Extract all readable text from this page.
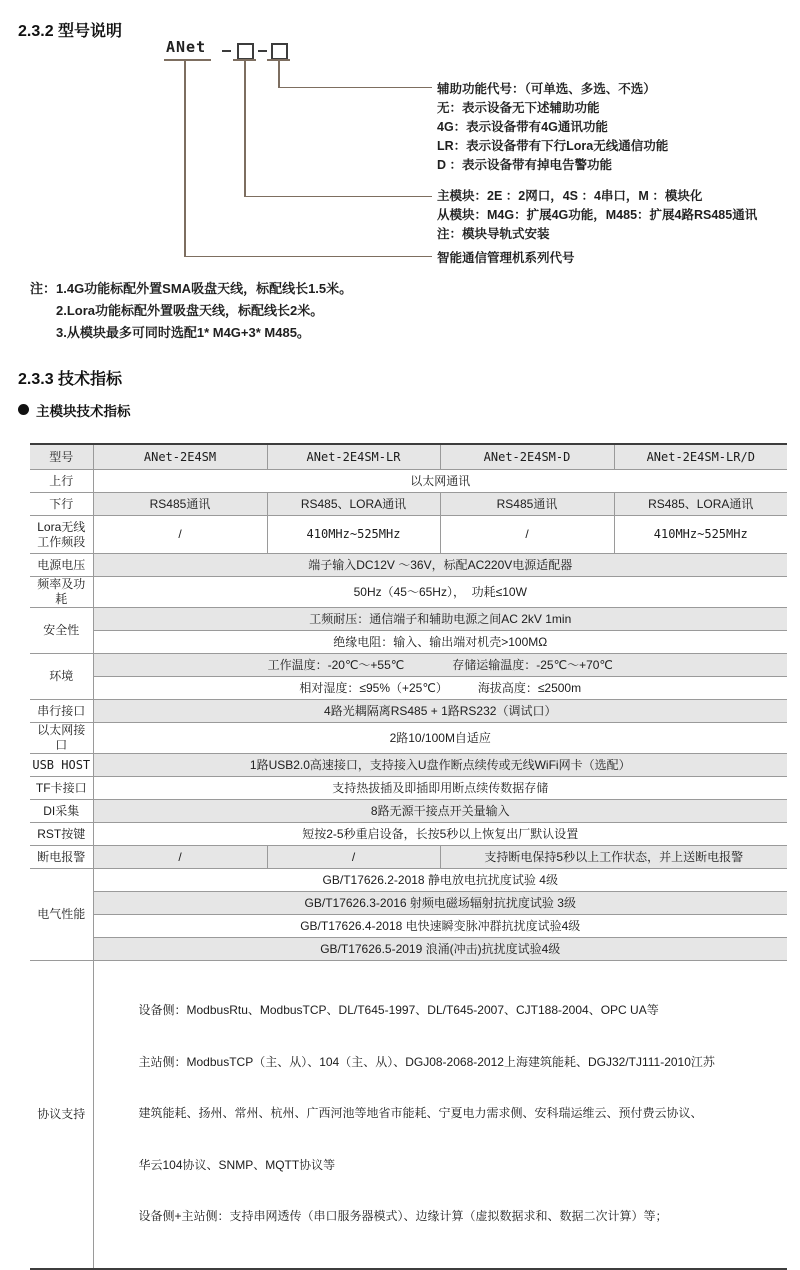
2.3.2 型号说明
ANet
辅助功能代号：（可单选、多选、不选）
无：表示设备无下述辅助功能
4G：表示设备带有4G通讯功能
LR：表示设备带有下行Lora无线通信功能
D ：表示设备带有掉电告警功能
主模块：2E ：2网口，4S ：4串口，M ：模块化
从模块：M4G：扩展4G功能，M485：扩展4路RS485通讯
注：模块导轨式安装
智能通信管理机系列代号
注：1.4G功能标配外置SMA吸盘天线，标配线长1.5米。
2.Lora功能标配外置吸盘天线，标配线长2米。
3.从模块最多可同时选配1* M4G+3* M485。
2.3.3 技术指标
主模块技术指标
型号	ANet-2E4SM	ANet-2E4SM-LR	ANet-2E4SM-D	ANet-2E4SM-LR/D
上行	以太网通讯			
下行	RS485通讯	RS485、LORA通讯	RS485通讯	RS485、LORA通讯
Lora无线
工作频段	/	410MHz~525MHz	/	410MHz~525MHz
电源电压	端子输入DC12V ～36V，标配AC220V电源适配器			
频率及功耗	50Hz（45～65Hz），  功耗≤10W			
安全性	工频耐压：通信端子和辅助电源之间AC 2kV 1min			
	绝缘电阻：输入、输出端对机壳>100MΩ			
环境	工作温度：-20℃～+55℃　　　　存储运输温度：-25℃～+70℃			
	相对湿度：≤95%（+25℃）　　　海拔高度：≤2500m			
串行接口	4路光耦隔离RS485 + 1路RS232（调试口）			
以太网接口	2路10/100M自适应			
USB HOST	1路USB2.0高速接口，支持接入U盘作断点续传或无线WiFi网卡（选配）			
TF卡接口	支持热拔插及即插即用断点续传数据存储			
DI采集	8路无源干接点开关量输入			
RST按键	短按2-5秒重启设备，长按5秒以上恢复出厂默认设置			
断电报警	/	/	支持断电保持5秒以上工作状态，并上送断电报警	
电气性能	GB/T17626.2-2018 静电放电抗扰度试验 4级			
	GB/T17626.3-2016 射频电磁场辐射抗扰度试验 3级			
	GB/T17626.4-2018 电快速瞬变脉冲群抗扰度试验4级			
	GB/T17626.5-2019 浪涌(冲击)抗扰度试验4级			
协议支持	设备侧：ModbusRtu、ModbusTCP、DL/T645-1997、DL/T645-2007、CJT188-2004、OPC UA等

主站侧：ModbusTCP（主、从）、104（主、从）、DGJ08-2068-2012上海建筑能耗、DGJ32/TJ111-2010江苏

建筑能耗、扬州、常州、杭州、广西河池等地省市能耗、宁夏电力需求侧、安科瑞运维云、预付费云协议、

华云104协议、SNMP、MQTT协议等

设备侧+主站侧：支持串网透传（串口服务器模式）、边缘计算（虚拟数据求和、数据二次计算）等；			
